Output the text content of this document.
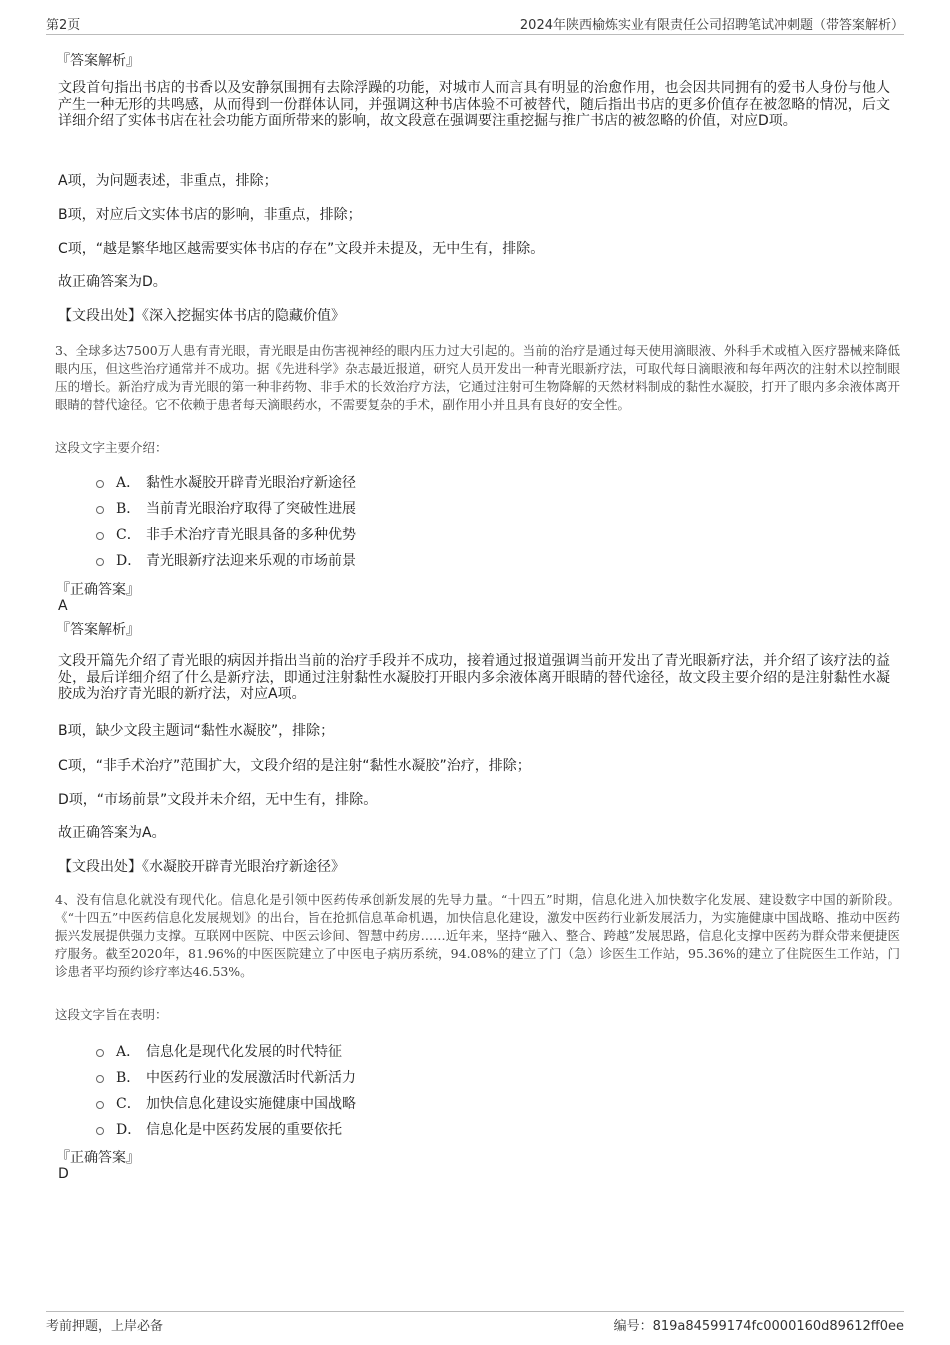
第2页	2024年陕西榆炼实业有限责任公司招聘笔试冲刺题（带答案解析）
『答案解析』

文段首句指出书店的书香以及安静氛围拥有去除浮躁的功能，对城市人而言具有明显的治愈作用，也会因共同拥有的爱书人身份与他人产生一种无形的共鸣感，从而得到一份群体认同，并强调这种书店体验不可被替代，随后指出书店的更多价值存在被忽略的情况，后文详细介绍了实体书店在社会功能方面所带来的影响，故文段意在强调要注重挖掘与推广书店的被忽略的价值，对应D项。

A项，为问题表述，非重点，排除；
B项，对应后文实体书店的影响，非重点，排除；
C项，“越是繁华地区越需要实体书店的存在”文段并未提及，无中生有，排除。
故正确答案为D。
【文段出处】《深入挖掘实体书店的隐藏价值》

3、全球多达7500万人患有青光眼，青光眼是由伤害视神经的眼内压力过大引起的。当前的治疗是通过每天使用滴眼液、外科手术或植入医疗器械来降低眼内压，但这些治疗通常并不成功。据《先进科学》杂志最近报道，研究人员开发出一种青光眼新疗法，可取代每日滴眼液和每年两次的注射术以控制眼压的增长。新治疗成为青光眼的第一种非药物、非手术的长效治疗方法，它通过注射可生物降解的天然材料制成的黏性水凝胶，打开了眼内多余液体离开眼睛的替代途径。它不依赖于患者每天滴眼药水，不需要复杂的手术，副作用小并且具有良好的安全性。

这段文字主要介绍：
A． 黏性水凝胶开辟青光眼治疗新途径
B． 当前青光眼治疗取得了突破性进展
C． 非手术治疗青光眼具备的多种优势
D． 青光眼新疗法迎来乐观的市场前景
『正确答案』
A
『答案解析』

文段开篇先介绍了青光眼的病因并指出当前的治疗手段并不成功，接着通过报道强调当前开发出了青光眼新疗法，并介绍了该疗法的益处，最后详细介绍了什么是新疗法，即通过注射黏性水凝胶打开眼内多余液体离开眼睛的替代途径，故文段主要介绍的是注射黏性水凝胶成为治疗青光眼的新疗法，对应A项。

B项，缺少文段主题词“黏性水凝胶”，排除；
C项，“非手术治疗”范围扩大，文段介绍的是注射“黏性水凝胶”治疗，排除；
D项，“市场前景”文段并未介绍，无中生有，排除。
故正确答案为A。
【文段出处】《水凝胶开辟青光眼治疗新途径》

4、没有信息化就没有现代化。信息化是引领中医药传承创新发展的先导力量。“十四五”时期，信息化进入加快数字化发展、建设数字中国的新阶段。《“十四五”中医药信息化发展规划》的出台，旨在抢抓信息革命机遇，加快信息化建设，激发中医药行业新发展活力，为实施健康中国战略、推动中医药振兴发展提供强力支撑。互联网中医院、中医云诊间、智慧中药房……近年来，坚持“融入、整合、跨越”发展思路，信息化支撑中医药为群众带来便捷医疗服务。截至2020年，81.96%的中医医院建立了中医电子病历系统，94.08%的建立了门（急）诊医生工作站，95.36%的建立了住院医生工作站，门诊患者平均预约诊疗率达46.53%。

这段文字旨在表明：
A． 信息化是现代化发展的时代特征
B． 中医药行业的发展激活时代新活力
C． 加快信息化建设实施健康中国战略
D． 信息化是中医药发展的重要依托
『正确答案』
D
考前押题，上岸必备	编号：819a84599174fc0000160d89612ff0ee
